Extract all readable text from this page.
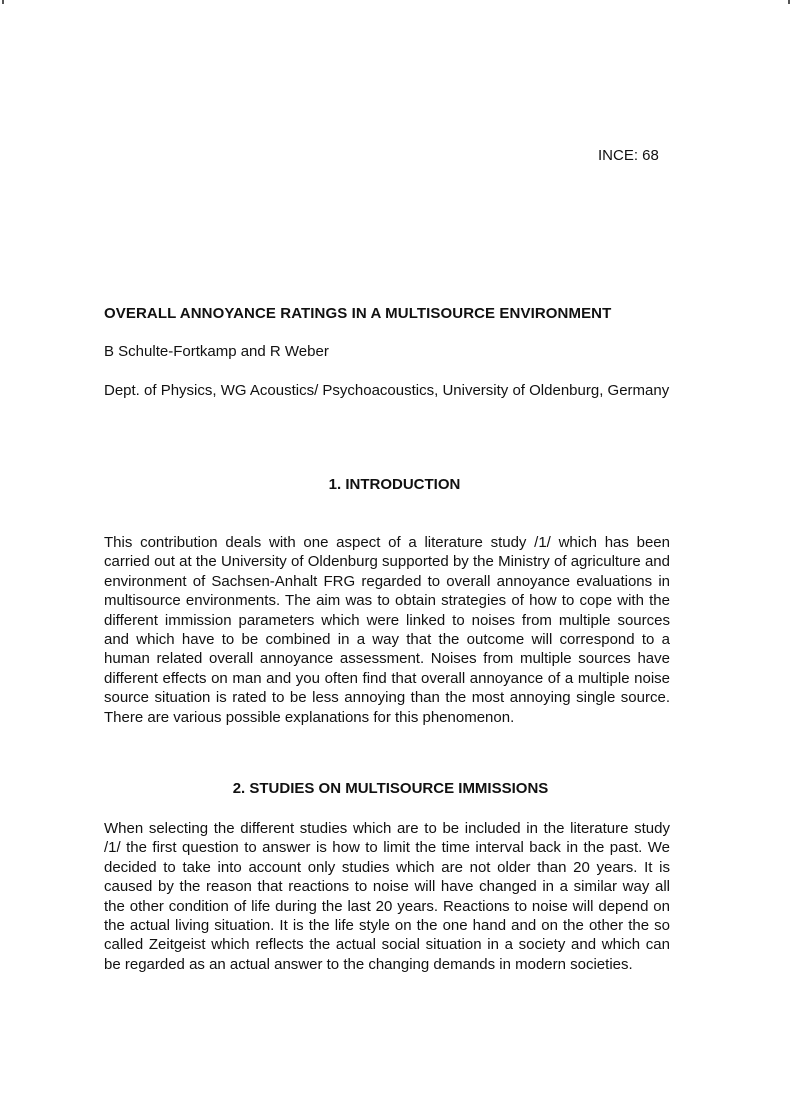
INCE: 68
OVERALL ANNOYANCE RATINGS IN A MULTISOURCE ENVIRONMENT
B Schulte-Fortkamp and R Weber
Dept. of Physics, WG Acoustics/ Psychoacoustics, University of Oldenburg, Germany
1. INTRODUCTION
This contribution deals with one aspect of a literature study /1/ which has been carried out at the University of Oldenburg supported by the Ministry of agriculture and environment of Sachsen-Anhalt FRG regarded to overall annoyance evaluations in multisource environments. The aim was to obtain strategies of how to cope with the different immission parameters which were linked to noises from multiple sources and which have to be combined in a way that the outcome will correspond to a human related overall annoyance assessment. Noises from multiple sources have different effects on man and you often find that overall annoyance of a multiple noise source situation is rated to be less annoying than the most annoying single source. There are various possible explanations for this phenomenon.
2. STUDIES ON MULTISOURCE IMMISSIONS
When selecting the different studies which are to be included in the literature study /1/ the first question to answer is how to limit the time interval back in the past. We decided to take into account only studies which are not older than 20 years. It is caused by the reason that reactions to noise will have changed in a similar way all the other condition of life during the last 20 years. Reactions to noise will depend on the actual living situation. It is the life style on the one hand and on the other the so called Zeitgeist which reflects the actual social situation in a society and which can be regarded as an actual answer to the changing demands in modern societies.
